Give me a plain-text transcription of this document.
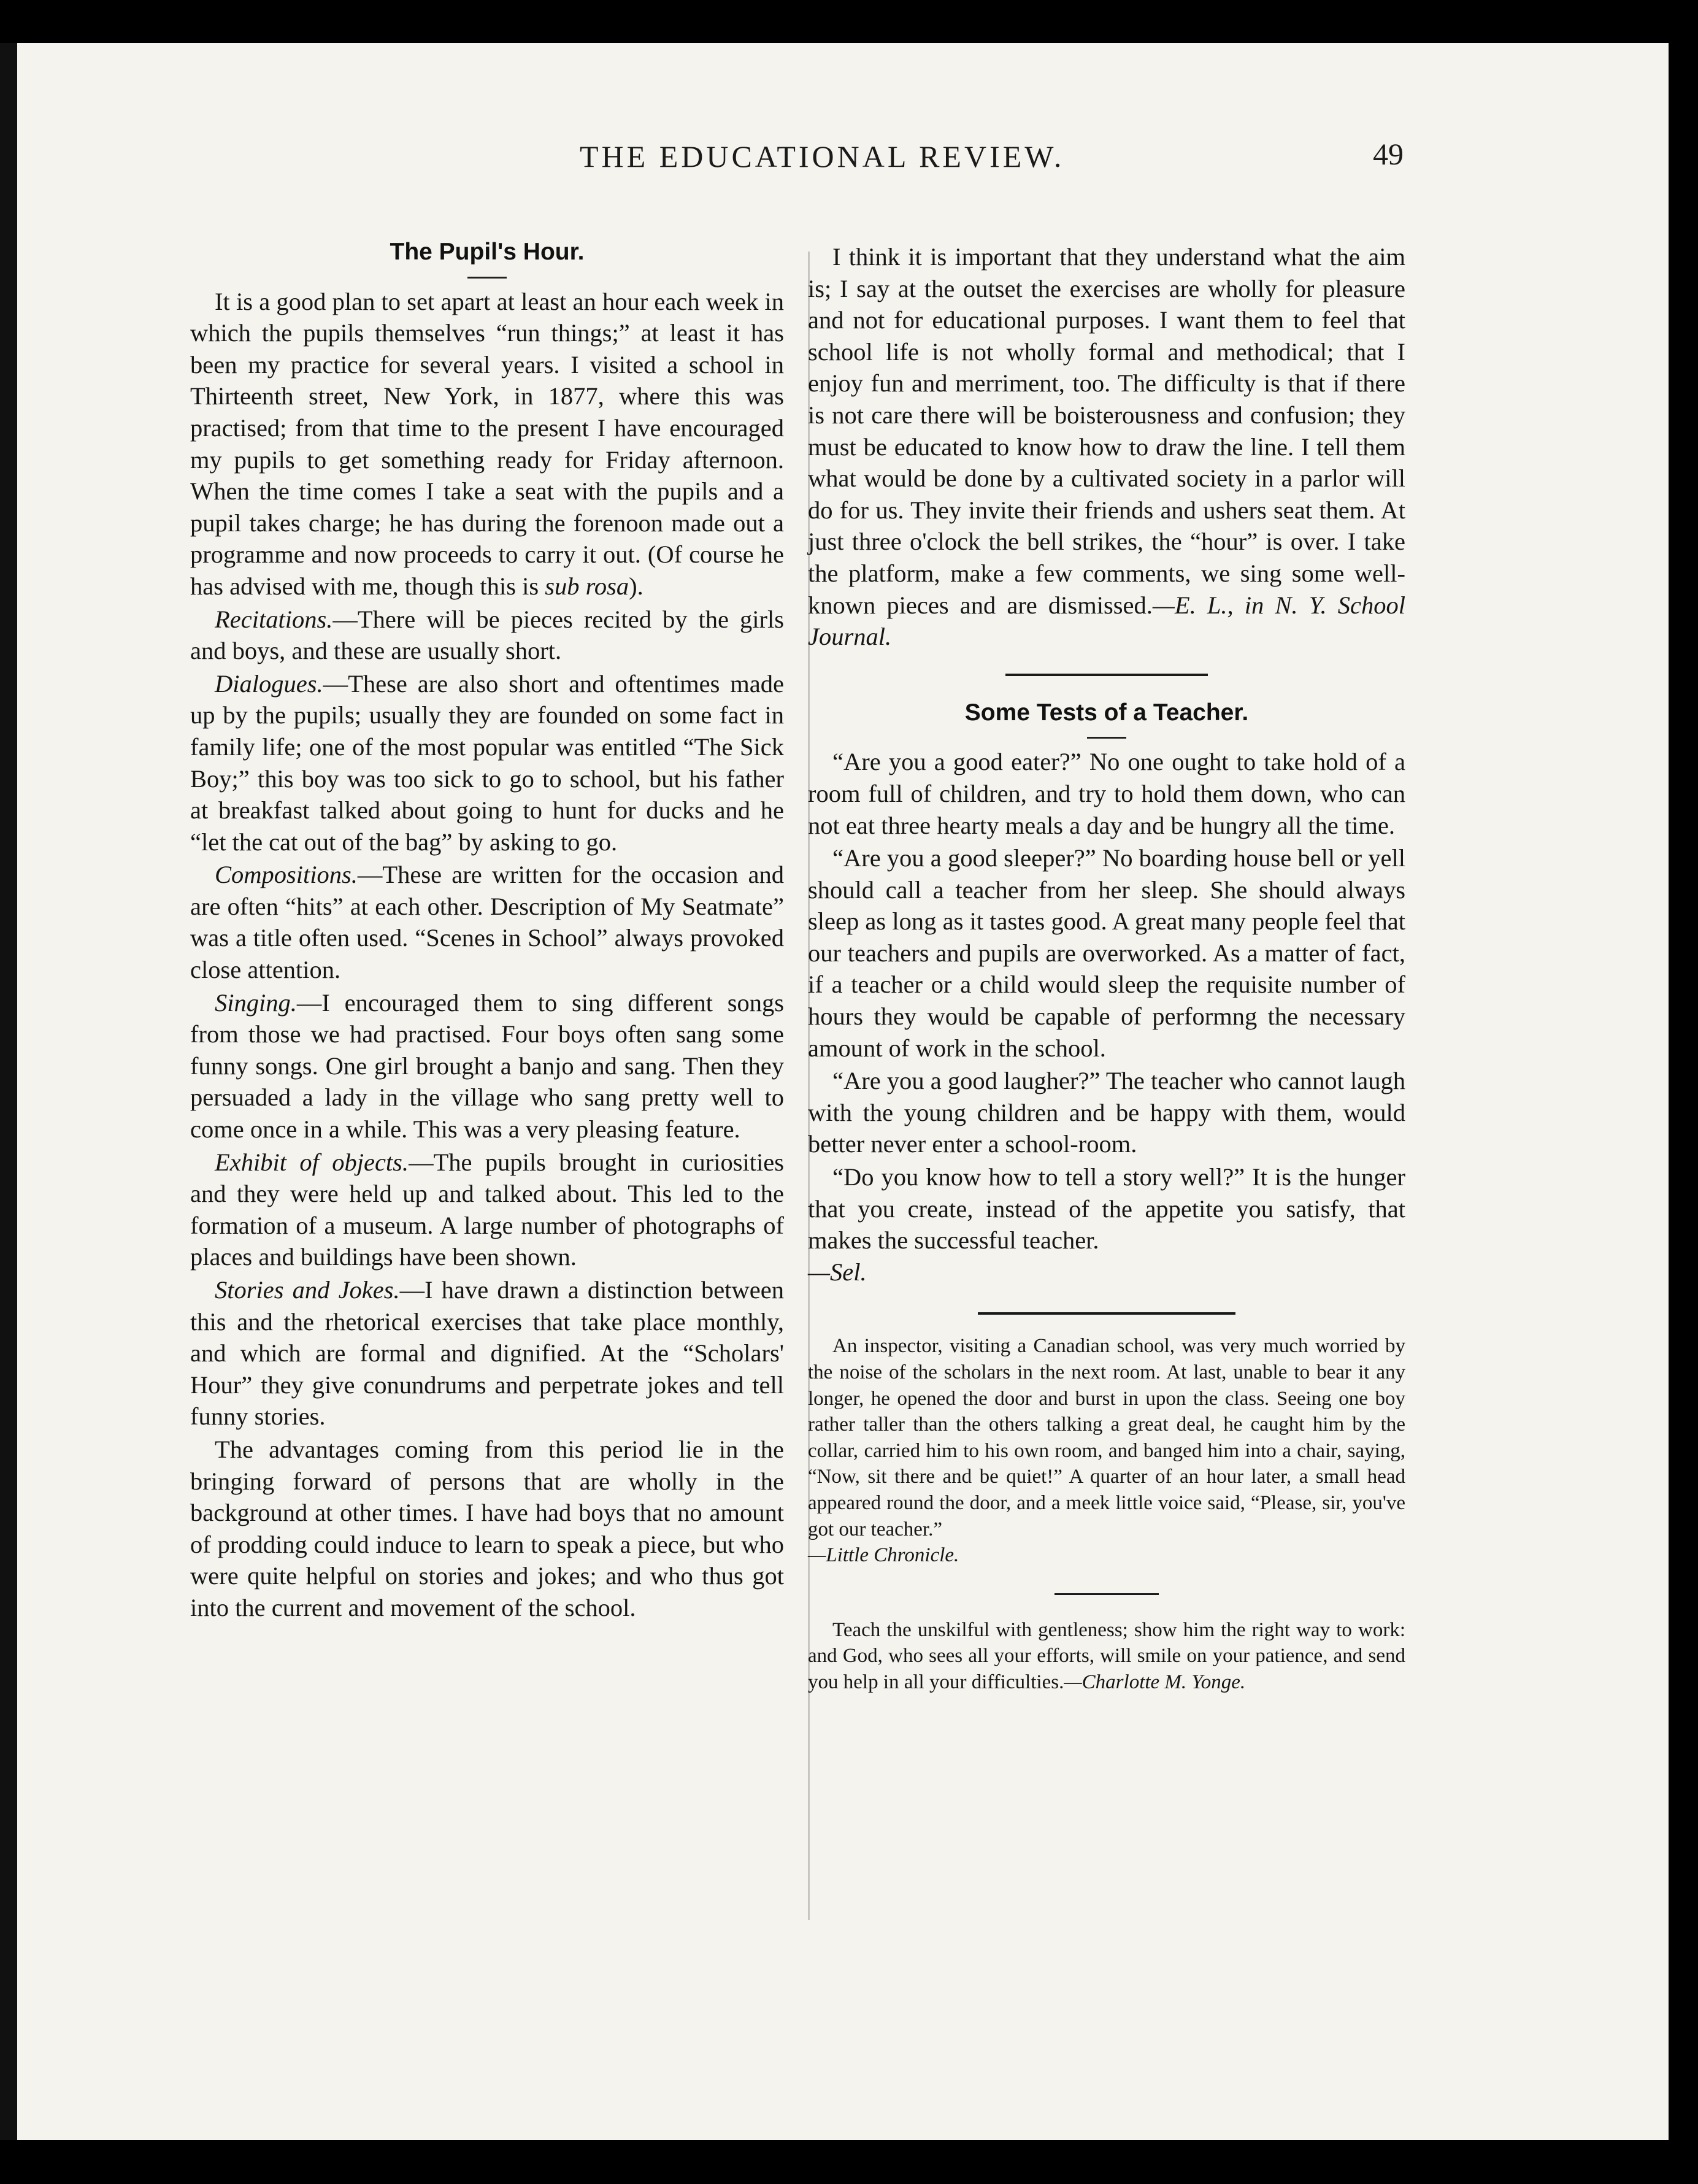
THE EDUCATIONAL REVIEW.	49
The Pupil's Hour.

It is a good plan to set apart at least an hour each week in which the pupils themselves “run things;” at least it has been my practice for several years. I visited a school in Thirteenth street, New York, in 1877, where this was practised; from that time to the present I have encouraged my pupils to get something ready for Friday afternoon. When the time comes I take a seat with the pupils and a pupil takes charge; he has during the forenoon made out a programme and now proceeds to carry it out. (Of course he has advised with me, though this is sub rosa).

Recitations.—There will be pieces recited by the girls and boys, and these are usually short.

Dialogues.—These are also short and oftentimes made up by the pupils; usually they are founded on some fact in family life; one of the most popular was entitled “The Sick Boy;” this boy was too sick to go to school, but his father at breakfast talked about going to hunt for ducks and he “let the cat out of the bag” by asking to go.

Compositions.—These are written for the occasion and are often “hits” at each other. Description of My Seatmate” was a title often used. “Scenes in School” always provoked close attention.

Singing.—I encouraged them to sing different songs from those we had practised. Four boys often sang some funny songs. One girl brought a banjo and sang. Then they persuaded a lady in the village who sang pretty well to come once in a while. This was a very pleasing feature.

Exhibit of objects.—The pupils brought in curiosities and they were held up and talked about. This led to the formation of a museum. A large number of photographs of places and buildings have been shown.

Stories and Jokes.—I have drawn a distinction between this and the rhetorical exercises that take place monthly, and which are formal and dignified. At the “Scholars' Hour” they give conundrums and perpetrate jokes and tell funny stories.

The advantages coming from this period lie in the bringing forward of persons that are wholly in the background at other times. I have had boys that no amount of prodding could induce to learn to speak a piece, but who were quite helpful on stories and jokes; and who thus got into the current and movement of the school.

I think it is important that they understand what the aim is; I say at the outset the exercises are wholly for pleasure and not for educational purposes. I want them to feel that school life is not wholly formal and methodical; that I enjoy fun and merriment, too. The difficulty is that if there is not care there will be boisterousness and confusion; they must be educated to know how to draw the line. I tell them what would be done by a cultivated society in a parlor will do for us. They invite their friends and ushers seat them. At just three o'clock the bell strikes, the “hour” is over. I take the platform, make a few comments, we sing some well-known pieces and are dismissed.—E. L., in N. Y. School Journal.

Some Tests of a Teacher.

“Are you a good eater?” No one ought to take hold of a room full of children, and try to hold them down, who can not eat three hearty meals a day and be hungry all the time.

“Are you a good sleeper?” No boarding house bell or yell should call a teacher from her sleep. She should always sleep as long as it tastes good. A great many people feel that our teachers and pupils are overworked. As a matter of fact, if a teacher or a child would sleep the requisite number of hours they would be capable of performng the necessary amount of work in the school.

“Are you a good laugher?” The teacher who cannot laugh with the young children and be happy with them, would better never enter a school-room.

“Do you know how to tell a story well?” It is the hunger that you create, instead of the appetite you satisfy, that makes the successful teacher.
—Sel.

An inspector, visiting a Canadian school, was very much worried by the noise of the scholars in the next room. At last, unable to bear it any longer, he opened the door and burst in upon the class. Seeing one boy rather taller than the others talking a great deal, he caught him by the collar, carried him to his own room, and banged him into a chair, saying, “Now, sit there and be quiet!” A quarter of an hour later, a small head appeared round the door, and a meek little voice said, “Please, sir, you've got our teacher.”
—Little Chronicle.

Teach the unskilful with gentleness; show him the right way to work: and God, who sees all your efforts, will smile on your patience, and send you help in all your difficulties.—Charlotte M. Yonge.
